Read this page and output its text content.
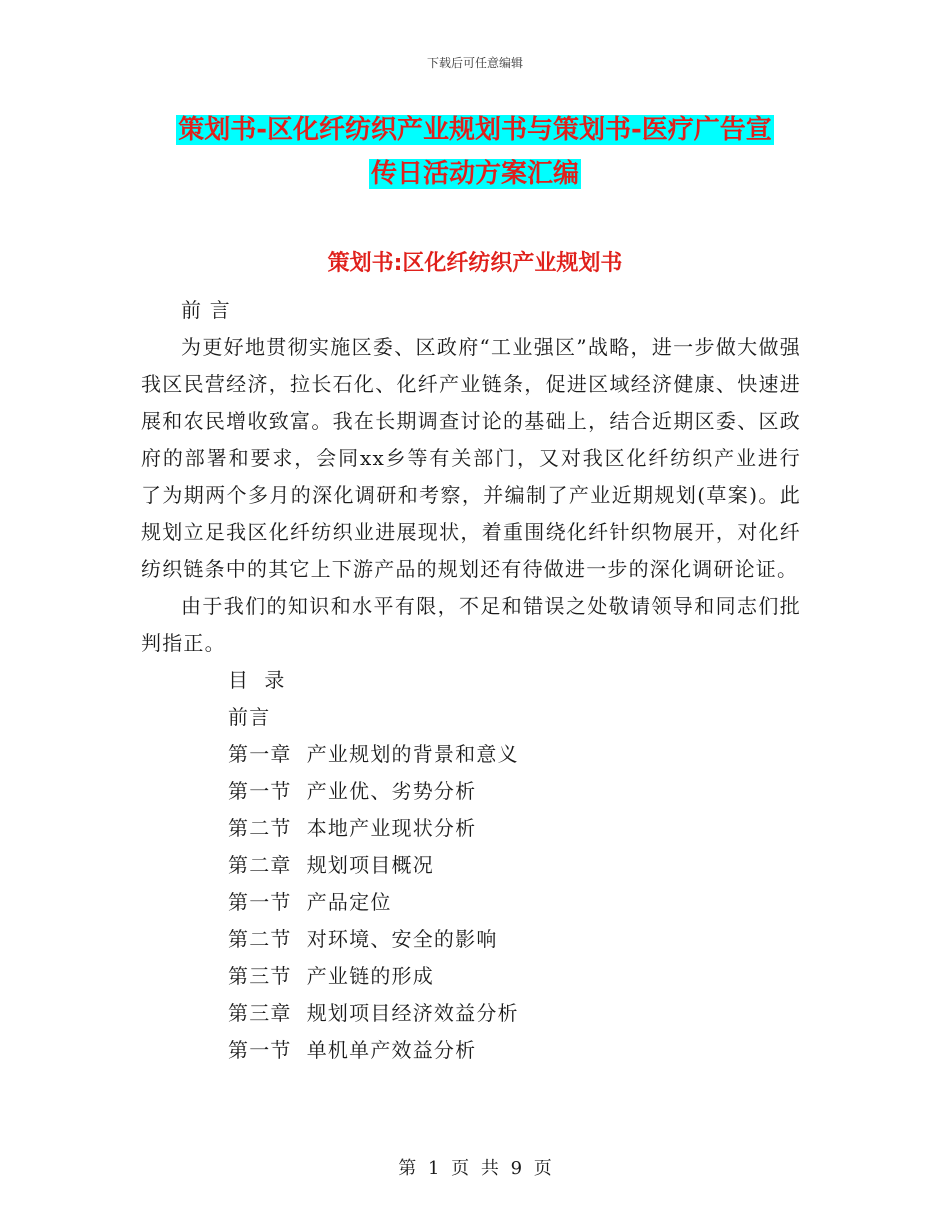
下载后可任意编辑
策划书-区化纤纺织产业规划书与策划书-医疗广告宣
传日活动方案汇编
策划书:区化纤纺织产业规划书

前 言

为更好地贯彻实施区委、区政府“工业强区”战略，进一步做大做强我区民营经济，拉长石化、化纤产业链条，促进区域经济健康、快速进展和农民增收致富。我在长期调查讨论的基础上，结合近期区委、区政府的部署和要求，会同xx乡等有关部门，又对我区化纤纺织产业进行了为期两个多月的深化调研和考察，并编制了产业近期规划(草案)。此规划立足我区化纤纺织业进展现状，着重围绕化纤针织物展开，对化纤纺织链条中的其它上下游产品的规划还有待做进一步的深化调研论证。

由于我们的知识和水平有限，不足和错误之处敬请领导和同志们批判指正。

目  录

前言

第一章  产业规划的背景和意义

第一节  产业优、劣势分析

第二节  本地产业现状分析

第二章  规划项目概况

第一节  产品定位

第二节  对环境、安全的影响

第三节  产业链的形成

第三章  规划项目经济效益分析

第一节  单机单产效益分析

第 1 页 共 9 页
